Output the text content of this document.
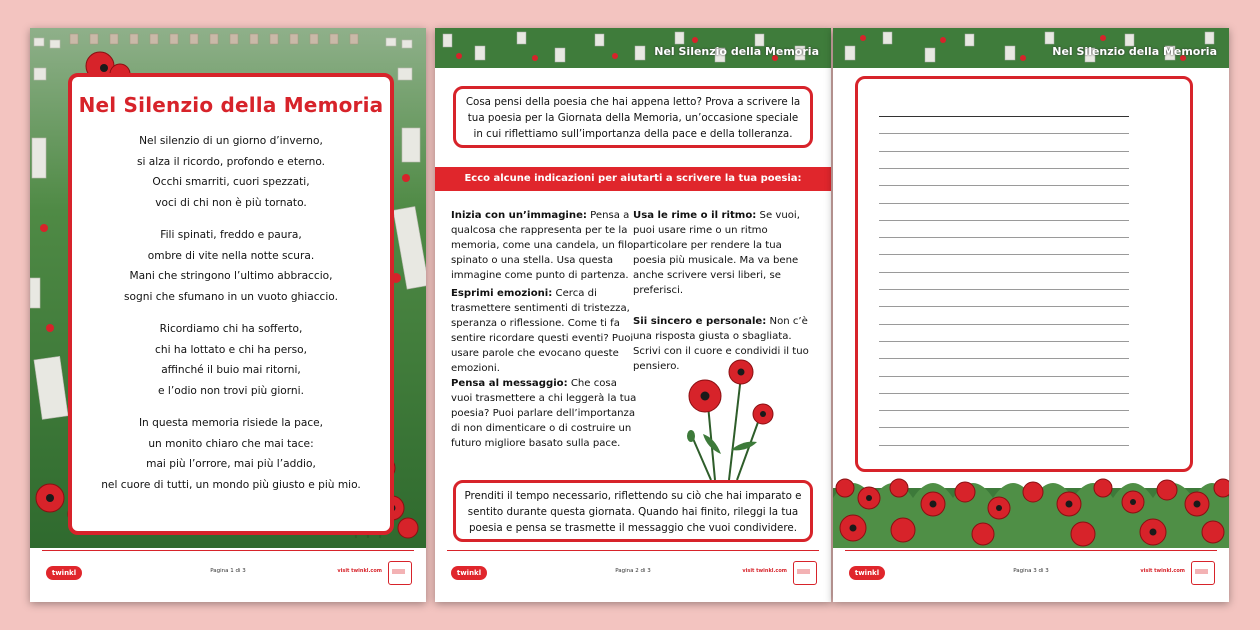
Nel Silenzio della Memoria
Nel silenzio di un giorno d’inverno,
si alza il ricordo, profondo e eterno.
Occhi smarriti, cuori spezzati,
voci di chi non è più tornato.
Fili spinati, freddo e paura,
ombre di vite nella notte scura.
Mani che stringono l’ultimo abbraccio,
sogni che sfumano in un vuoto ghiaccio.
Ricordiamo chi ha sofferto,
chi ha lottato e chi ha perso,
affinché il buio mai ritorni,
e l’odio non trovi più giorni.
In questa memoria risiede la pace,
un monito chiaro che mai tace:
mai più l’orrore, mai più l’addio,
nel cuore di tutti, un mondo più giusto e più mio.
twinkl	Pagina 1 di 3	visit twinkl.com
Nel Silenzio della Memoria
Cosa pensi della poesia che hai appena letto? Prova a scrivere la tua poesia per la Giornata della Memoria, un’occasione speciale in cui riflettiamo sull’importanza della pace e della tolleranza.
Ecco alcune indicazioni per aiutarti a scrivere la tua poesia:
Inizia con un’immagine: Pensa a qualcosa che rappresenta per te la memoria, come una candela, un filo spinato o una stella. Usa questa immagine come punto di partenza.
Esprimi emozioni: Cerca di trasmettere sentimenti di tristezza, speranza o riflessione. Come ti fa sentire ricordare questi eventi? Puoi usare parole che evocano queste emozioni.
Pensa al messaggio: Che cosa vuoi trasmettere a chi leggerà la tua poesia? Puoi parlare dell’importanza di non dimenticare o di costruire un futuro migliore basato sulla pace.
Usa le rime o il ritmo: Se vuoi, puoi usare rime o un ritmo particolare per rendere la tua poesia più musicale. Ma va bene anche scrivere versi liberi, se preferisci.
Sii sincero e personale: Non c’è una risposta giusta o sbagliata. Scrivi con il cuore e condividi il tuo pensiero.
Prenditi il tempo necessario, riflettendo su ciò che hai imparato e sentito durante questa giornata. Quando hai finito, rileggi la tua poesia e pensa se trasmette il messaggio che vuoi condividere.
twinkl	Pagina 2 di 3	visit twinkl.com
Nel Silenzio della Memoria
twinkl	Pagina 3 di 3	visit twinkl.com
